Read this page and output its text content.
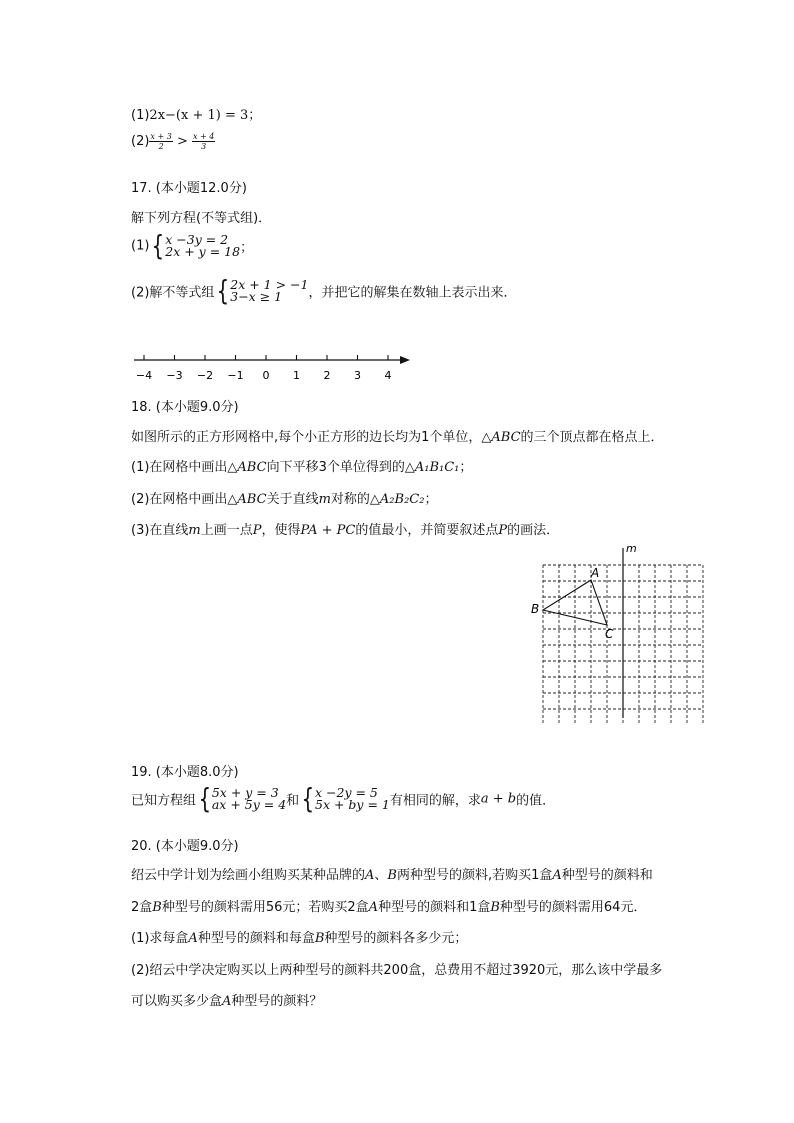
(1)2x−(x + 1) = 3；
$(2) \frac{x + 3}{2} > \frac{x + 4}{3}$
17. (本小题12.0分)
解下列方程(不等式组)．
(1){ x −3y = 2
2x + y = 18 ；
(2)解不等式组{ 2x + 1 > −1
3−x ≥ 1	，并把它的解集在数轴上表示出来．
−4 −3 −2 −1 0 1 2 3 4
18. (本小题9.0分)
如图所示的正方形网格中,每个小正方形的边长均为1个单位，△ABC的三个顶点都在格点上．
(1)在网格中画出△ABC向下平移3个单位得到的△A₁B₁C₁；
(2)在网格中画出△ABC关于直线m对称的△A₂B₂C₂；
(3)在直线m上画一点P，使得PA + PC的值最小，并简要叙述点P的画法．
m
A
B
C
19. (本小题8.0分)
已知方程组{ 5x + y = 3
ax + 5y = 4 和{ x −2y = 5
5x + by = 1 有相同的解，求a + b的值．
20. (本小题9.0分)
绍云中学计划为绘画小组购买某种品牌的A、B两种型号的颜料,若购买1盒A种型号的颜料和
2盒B种型号的颜料需用56元；若购买2盒A种型号的颜料和1盒B种型号的颜料需用64元．
(1)求每盒A种型号的颜料和每盒B种型号的颜料各多少元；
(2)绍云中学决定购买以上两种型号的颜料共200盒，总费用不超过3920元，那么该中学最多
可以购买多少盒A种型号的颜料？
